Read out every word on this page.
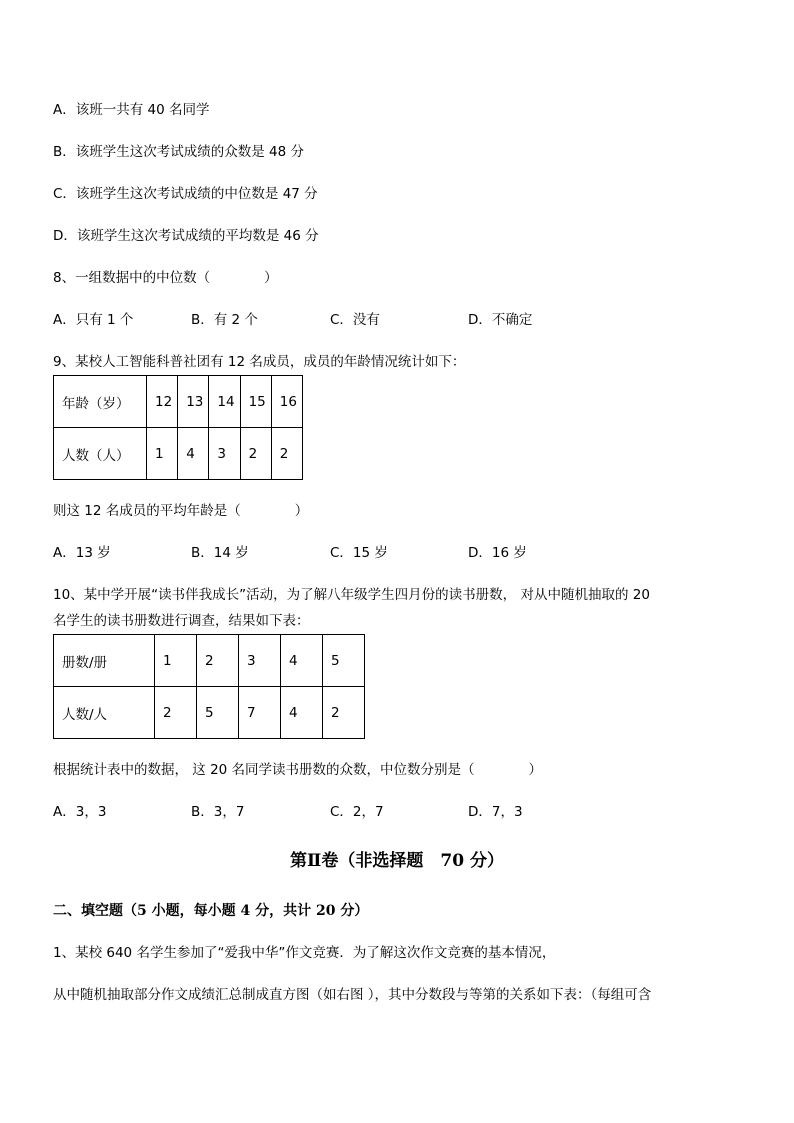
A．该班一共有 40 名同学
B．该班学生这次考试成绩的众数是 48 分
C．该班学生这次考试成绩的中位数是 47 分
D．该班学生这次考试成绩的平均数是 46 分
8、一组数据中的中位数（　　　　）
A．只有 1 个	B．有 2 个	C．没有	D．不确定
9、某校人工智能科普社团有 12 名成员，成员的年龄情况统计如下：
年龄（岁）	12	13	14	15	16
人数（人）	1	4	3	2	2
则这 12 名成员的平均年龄是（　　　　）
A．13 岁	B．14 岁	C．15 岁	D．16 岁
10、某中学开展“读书伴我成长”活动，为了解八年级学生四月份的读书册数， 对从中随机抽取的 20
名学生的读书册数进行调查，结果如下表：
册数/册	1	2	3	4	5
人数/人	2	5	7	4	2
根据统计表中的数据， 这 20 名同学读书册数的众数，中位数分别是（　　　　）
A．3，3	B．3，7	C．2，7	D．7，3
第Ⅱ卷（非选择题　70 分）
二、填空题（5 小题，每小题 4 分，共计 20 分）
1、某校 640 名学生参加了“爱我中华”作文竞赛．为了解这次作文竞赛的基本情况，
从中随机抽取部分作文成绩汇总制成直方图（如右图 ），其中分数段与等第的关系如下表：（每组可含
